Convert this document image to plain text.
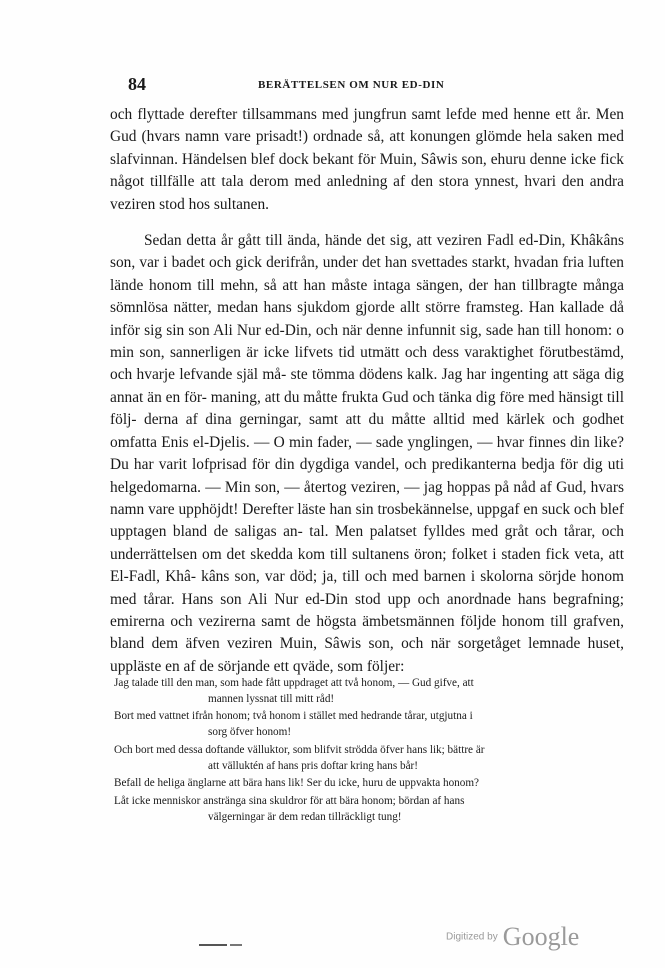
84	BERÄTTELSEN OM NUR ED-DIN

och flyttade derefter tillsammans med jungfrun samt lefde med henne ett år. Men Gud (hvars namn vare prisadt!) ordnade så, att konungen glömde hela saken med slafvinnan. Händelsen blef dock bekant för Muin, Sâwis son, ehuru denne icke fick något tillfälle att tala derom med anledning af den stora ynnest, hvari den andra veziren stod hos sultanen.

Sedan detta år gått till ända, hände det sig, att veziren Fadl ed-Din, Khâkâns son, var i badet och gick derifrån, under det han svettades starkt, hvadan fria luften lände honom till mehn, så att han måste intaga sängen, der han tillbragte många sömnlösa nätter, medan hans sjukdom gjorde allt större framsteg. Han kallade då inför sig sin son Ali Nur ed-Din, och när denne infunnit sig, sade han till honom: o min son, sannerligen är icke lifvets tid utmätt och dess varaktighet förutbestämd, och hvarje lefvande själ må- ste tömma dödens kalk. Jag har ingenting att säga dig annat än en för- maning, att du måtte frukta Gud och tänka dig före med hänsigt till följ- derna af dina gerningar, samt att du måtte alltid med kärlek och godhet omfatta Enis el-Djelis. — O min fader, — sade ynglingen, — hvar finnes din like? Du har varit lofprisad för din dygdiga vandel, och predikanterna bedja för dig uti helgedomarna. — Min son, — återtog veziren, — jag hoppas på nåd af Gud, hvars namn vare upphöjdt! Derefter läste han sin trosbekännelse, uppgaf en suck och blef upptagen bland de saligas an- tal. Men palatset fylldes med gråt och tårar, och underrättelsen om det skedda kom till sultanens öron; folket i staden fick veta, att El-Fadl, Khâ- kâns son, var död; ja, till och med barnen i skolorna sörjde honom med tårar. Hans son Ali Nur ed-Din stod upp och anordnade hans begrafning; emirerna och vezirerna samt de högsta ämbetsmännen följde honom till grafven, bland dem äfven veziren Muin, Sâwis son, och när sorgetåget lemnade huset, uppläste en af de sörjande ett qväde, som följer:

Jag talade till den man, som hade fått uppdraget att två honom, — Gud gifve, att
mannen lyssnat till mitt råd!

Bort med vattnet ifrån honom; två honom i stället med hedrande tårar, utgjutna i
sorg öfver honom!

Och bort med dessa doftande välluktor, som blifvit strödda öfver hans lik; bättre är
att välluktén af hans pris doftar kring hans bår!

Befall de heliga änglarne att bära hans lik! Ser du icke, huru de uppvakta honom?

Låt icke menniskor anstränga sina skuldror för att bära honom; bördan af hans
välgerningar är dem redan tillräckligt tung!

Digitized by Google
